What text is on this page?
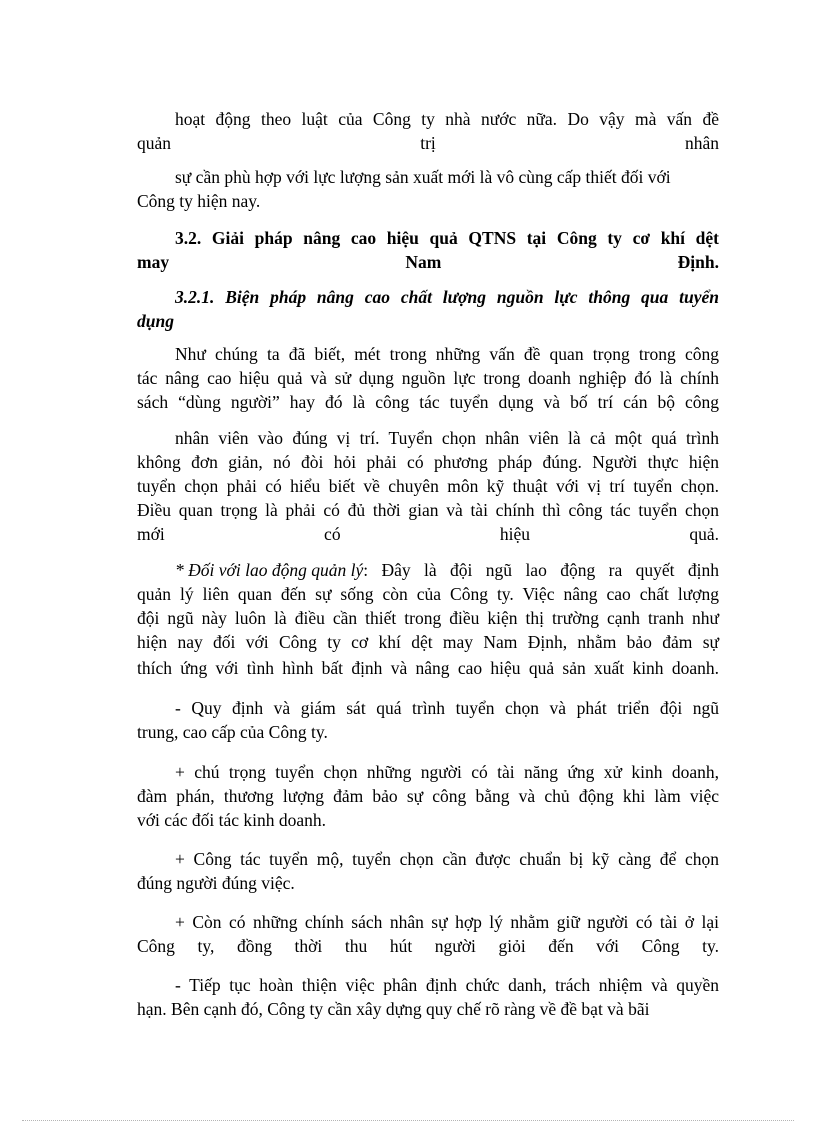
hoạt động theo luật của Công ty nhà nước nữa. Do vậy mà vấn đề
quản trị nhân
sự cần phù hợp với lực lượng sản xuất mới là vô cùng cấp thiết đối với
Công ty hiện nay.
3.2. Giải pháp nâng cao hiệu quả QTNS tại Công ty cơ khí dệt
may Nam Định.
3.2.1. Biện pháp nâng cao chất lượng nguồn lực thông qua tuyển
dụng
Như chúng ta đã biết, mét trong những vấn đề quan trọng trong công
tác nâng cao hiệu quả và sử dụng nguồn lực trong doanh nghiệp đó là chính
sách “dùng người” hay đó là công tác tuyển dụng và bố trí cán bộ công
nhân viên vào đúng vị trí. Tuyển chọn nhân viên là cả một quá trình
không đơn giản, nó đòi hỏi phải có phương pháp đúng. Người thực hiện
tuyển chọn phải có hiểu biết về chuyên môn kỹ thuật với vị trí tuyển chọn.
Điều quan trọng là phải có đủ thời gian và tài chính thì công tác tuyển chọn
mới có hiệu quả.
* Đối với lao động quản lý : Đây là đội ngũ lao động ra quyết định
quản lý liên quan đến sự sống còn của Công ty. Việc nâng cao chất lượng
đội ngũ này luôn là điều cần thiết trong điều kiện thị trường cạnh tranh như
hiện nay đối với Công ty cơ khí dệt may Nam Định, nhằm bảo đảm sự
thích ứng với tình hình bất định và nâng cao hiệu quả sản xuất kinh doanh.
- Quy định và giám sát quá trình tuyển chọn và phát triển đội ngũ
trung, cao cấp của Công ty.
+ chú trọng tuyển chọn những người có tài năng ứng xử kinh doanh,
đàm phán, thương lượng đảm bảo sự công bằng và chủ động khi làm việc
với các đối tác kinh doanh.
+ Công tác tuyển mộ, tuyển chọn cần được chuẩn bị kỹ càng để chọn
đúng người đúng việc.
+ Còn có những chính sách nhân sự hợp lý nhằm giữ người có tài ở lại
Công ty, đồng thời thu hút người giỏi đến với Công ty.
- Tiếp tục hoàn thiện việc phân định chức danh, trách nhiệm và quyền
hạn. Bên cạnh đó, Công ty cần xây dựng quy chế rõ ràng về đề bạt và bãi
